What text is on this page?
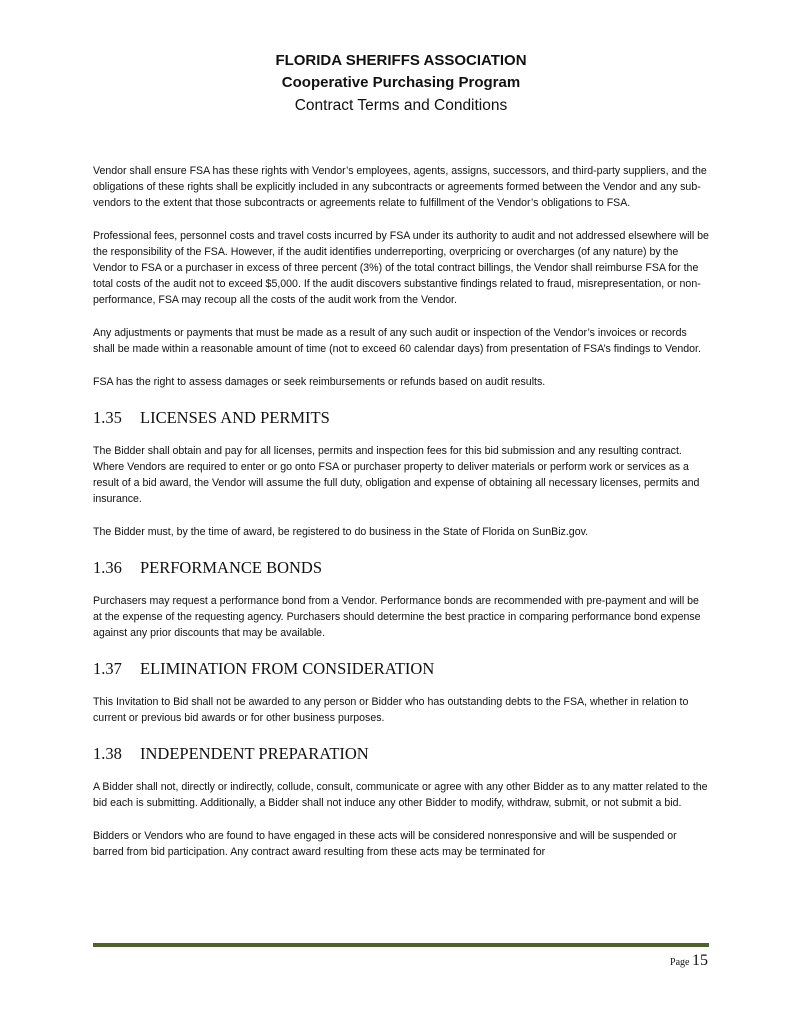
FLORIDA SHERIFFS ASSOCIATION
Cooperative Purchasing Program
Contract Terms and Conditions

Vendor shall ensure FSA has these rights with Vendor’s employees, agents, assigns, successors, and third-party suppliers, and the obligations of these rights shall be explicitly included in any subcontracts or agreements formed between the Vendor and any sub-vendors to the extent that those subcontracts or agreements relate to fulfillment of the Vendor’s obligations to FSA.

Professional fees, personnel costs and travel costs incurred by FSA under its authority to audit and not addressed elsewhere will be the responsibility of the FSA. However, if the audit identifies underreporting, overpricing or overcharges (of any nature) by the Vendor to FSA or a purchaser in excess of three percent (3%) of the total contract billings, the Vendor shall reimburse FSA for the total costs of the audit not to exceed $5,000. If the audit discovers substantive findings related to fraud, misrepresentation, or non-performance, FSA may recoup all the costs of the audit work from the Vendor.

Any adjustments or payments that must be made as a result of any such audit or inspection of the Vendor’s invoices or records shall be made within a reasonable amount of time (not to exceed 60 calendar days) from presentation of FSA’s findings to Vendor.

FSA has the right to assess damages or seek reimbursements or refunds based on audit results.

1.35 LICENSES AND PERMITS

The Bidder shall obtain and pay for all licenses, permits and inspection fees for this bid submission and any resulting contract. Where Vendors are required to enter or go onto FSA or purchaser property to deliver materials or perform work or services as a result of a bid award, the Vendor will assume the full duty, obligation and expense of obtaining all necessary licenses, permits and insurance.

The Bidder must, by the time of award, be registered to do business in the State of Florida on SunBiz.gov.

1.36 PERFORMANCE BONDS

Purchasers may request a performance bond from a Vendor. Performance bonds are recommended with pre-payment and will be at the expense of the requesting agency. Purchasers should determine the best practice in comparing performance bond expense against any prior discounts that may be available.

1.37 ELIMINATION FROM CONSIDERATION

This Invitation to Bid shall not be awarded to any person or Bidder who has outstanding debts to the FSA, whether in relation to current or previous bid awards or for other business purposes.

1.38 INDEPENDENT PREPARATION

A Bidder shall not, directly or indirectly, collude, consult, communicate or agree with any other Bidder as to any matter related to the bid each is submitting. Additionally, a Bidder shall not induce any other Bidder to modify, withdraw, submit, or not submit a bid.

Bidders or Vendors who are found to have engaged in these acts will be considered nonresponsive and will be suspended or barred from bid participation. Any contract award resulting from these acts may be terminated for

Page 15
